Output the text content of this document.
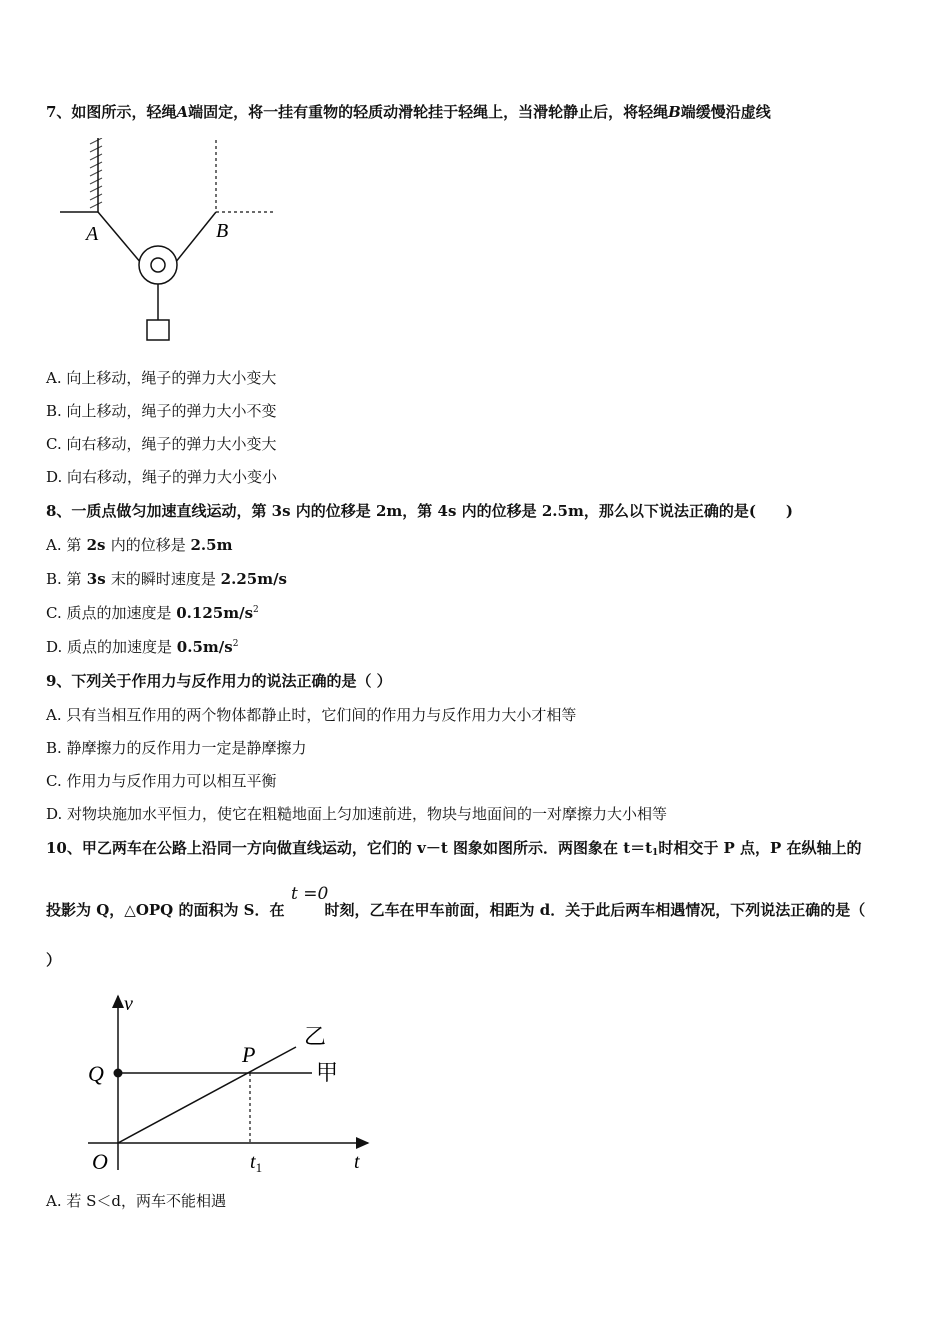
7、如图所示，轻绳A端固定，将一挂有重物的轻质动滑轮挂于轻绳上，当滑轮静止后，将轻绳B端缓慢沿虚线
A	B
A. 向上移动，绳子的弹力大小变大
B. 向上移动，绳子的弹力大小不变
C. 向右移动，绳子的弹力大小变大
D. 向右移动，绳子的弹力大小变小
8、一质点做匀加速直线运动，第 3s 内的位移是 2m，第 4s 内的位移是 2.5m，那么以下说法正确的是(　　)
A. 第 2s 内的位移是 2.5m
B. 第 3s 末的瞬时速度是 2.25m/s
C. 质点的加速度是 $0.125m/s^2$
D. 质点的加速度是 $0.5m/s^2$
9、下列关于作用力与反作用力的说法正确的是（ ）
A. 只有当相互作用的两个物体都静止时，它们间的作用力与反作用力大小才相等
B. 静摩擦力的反作用力一定是静摩擦力
C. 作用力与反作用力可以相互平衡
D. 对物块施加水平恒力，使它在粗糙地面上匀加速前进，物块与地面间的一对摩擦力大小相等
10、甲乙两车在公路上沿同一方向做直线运动，它们的 v－t 图象如图所示．两图象在 $t=t_1$时相交于 P 点，P 在纵轴上的
投影为 Q，△OPQ 的面积为 S．在	时刻，乙车在甲车前面，相距为 d．关于此后两车相遇情况，下列说法正确的是（
t =0
）
v
t
O
Q
P
$t_1$
乙
甲
A. 若 S＜d，两车不能相遇
